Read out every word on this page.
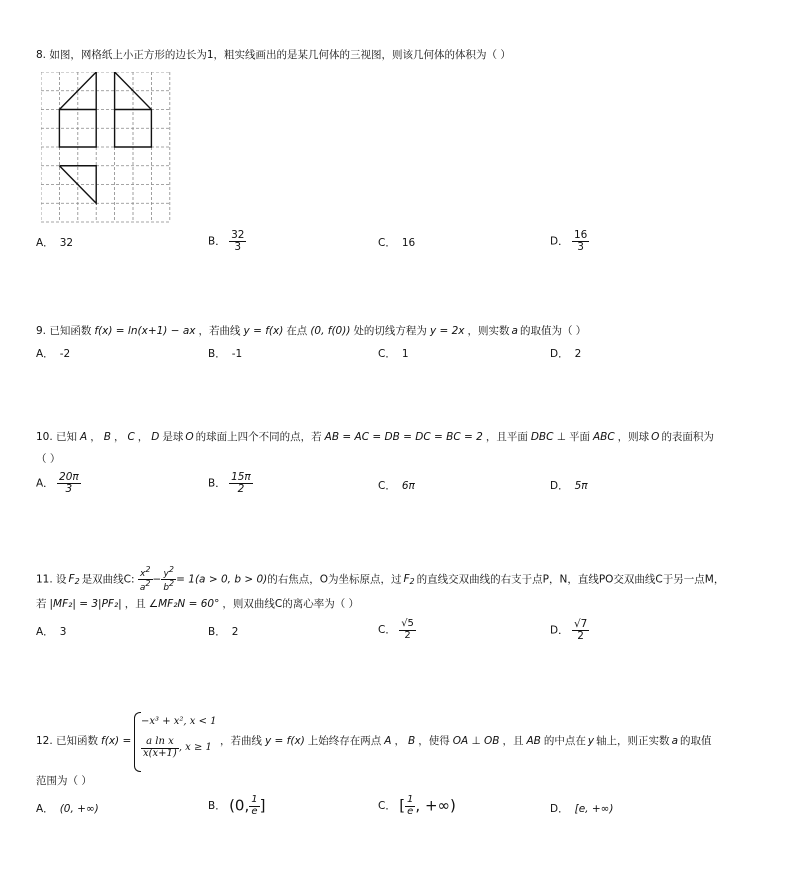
8. 如图，网格纸上小正方形的边长为1，粗实线画出的是某几何体的三视图，则该几何体的体积为（ ）
A． 32	B． $\frac{32}{3}$	C． 16	D． $\frac{16}{3}$
9. 已知函数 f(x) = ln(x+1) − ax ，若曲线 y = f(x) 在点 (0, f(0)) 处的切线方程为 y = 2x ，则实数 a 的取值为（ ）
A． -2	B． -1	C． 1	D． 2
10. 已知 A ， B ， C ， D 是球 O 的球面上四个不同的点，若 AB = AC = DB = DC = BC = 2 ，且平面 DBC ⊥ 平面 ABC ，则球 O 的表面积为
（ ）
A． $\frac{20\pi}{3}$	B． $\frac{15\pi}{2}$	C． 6π	D． 5π
11. 设 $F_2$ 是双曲线C: $\frac{x2}{a2} - \frac{y2}{b2} = 1(a > 0$, b > 0)的右焦点，O为坐标原点，过 $F_2$ 的直线交双曲线的右支于点P，N，直线PO交双曲线C于另一点M，
若 |MF₂| = 3|PF₂| ，且 ∠MF₂N = 60° ，则双曲线C的离心率为（ ）
A． 3	B． 2	C． $\frac{√5}{2}$	D． $\frac{√7}{2}$
12. 已知函数 f(x) =
−x³ + x², x < 1
$\frac{\text{a ln x}}{x(x+1)}$ , x ≥ 1
，若曲线 y = f(x) 上始终存在两点 A ， B ，使得 OA ⊥ OB ，且 AB 的中点在 y 轴上，则正实数 a 的取值
范围为（ ）
A． (0, +∞)	B． (0, $\frac{1}{e}$ ]	C． [ $\frac{1}{e}$ , +∞)	D． [e, +∞)
